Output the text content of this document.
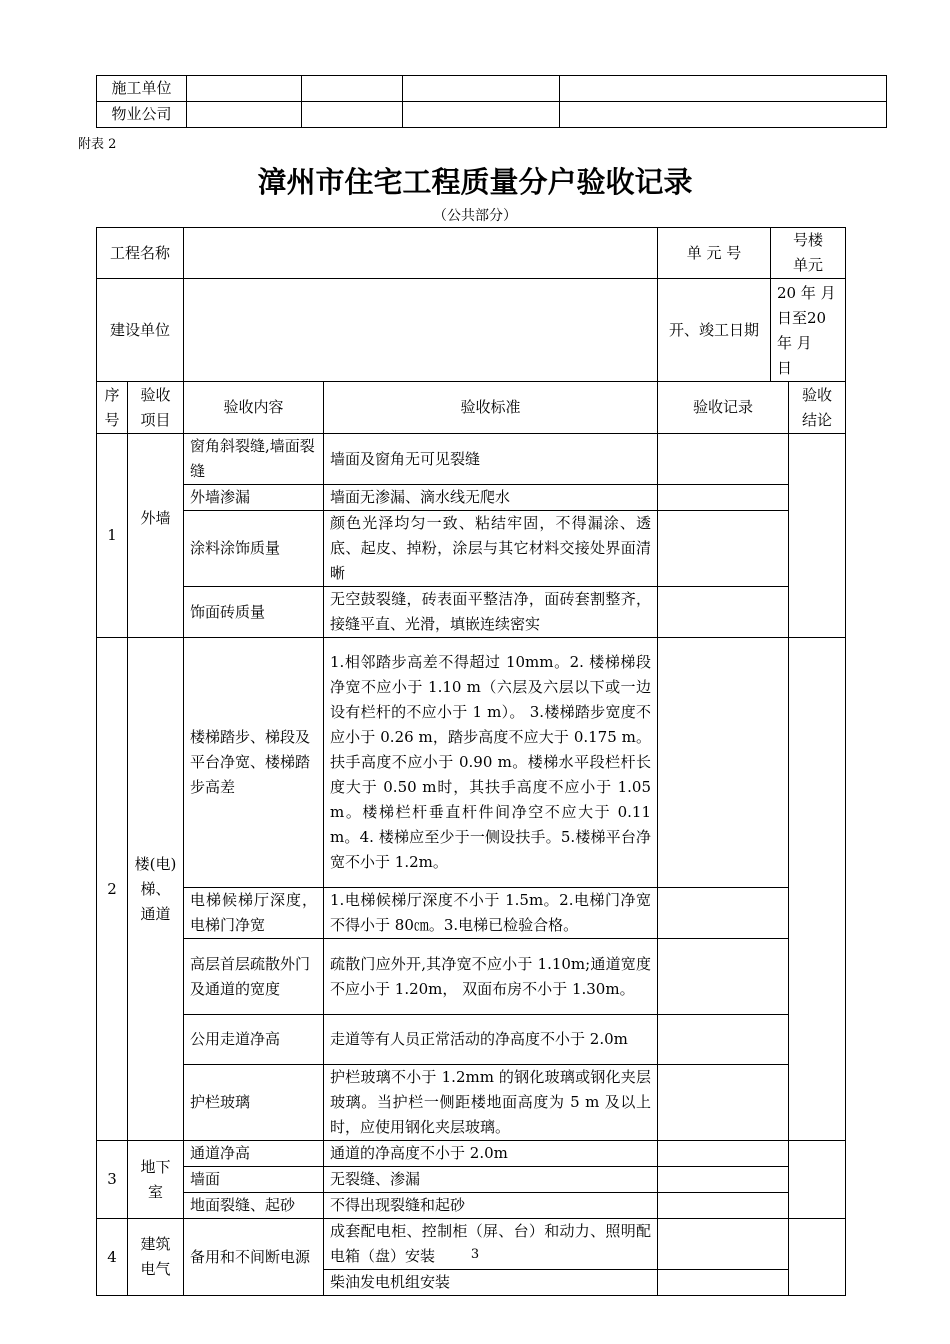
施工单位				
物业公司				
附表 2
漳州市住宅工程质量分户验收记录
（公共部分）
工程名称			单 元 号	号楼　　　单元

建设单位			开、竣工日期	20 年 月　日至20　年 月　日

序号	验收项目	验收内容	验收标准	验收记录	验收结论
1	外墙	窗角斜裂缝,墙面裂缝	墙面及窗角无可见裂缝		
外墙渗漏	墙面无渗漏、滴水线无爬水	
涂料涂饰质量	颜色光泽均匀一致、粘结牢固，不得漏涂、透底、起皮、掉粉，涂层与其它材料交接处界面清晰	
饰面砖质量	无空鼓裂缝，砖表面平整洁净，面砖套割整齐，接缝平直、光滑，填嵌连续密实	
2	楼(电)梯、通道	楼梯踏步、梯段及平台净宽、楼梯踏步高差	1.相邻踏步高差不得超过 10mm。2. 楼梯梯段净宽不应小于 1.10 m（六层及六层以下或一边设有栏杆的不应小于 1 m）。 3.楼梯踏步宽度不应小于 0.26 m，踏步高度不应大于 0.175 m。扶手高度不应小于 0.90 m。楼梯水平段栏杆长度大于 0.50 m时，其扶手高度不应小于 1.05 m。楼梯栏杆垂直杆件间净空不应大于 0.11 m。4. 楼梯应至少于一侧设扶手。5.楼梯平台净宽不小于 1.2m。		
电梯候梯厅深度，电梯门净宽	1.电梯候梯厅深度不小于 1.5m。2.电梯门净宽不得小于 80㎝。3.电梯已检验合格。	
高层首层疏散外门及通道的宽度	疏散门应外开,其净宽不应小于 1.10m;通道宽度不应小于 1.20m， 双面布房不小于 1.30m。	
公用走道净高	走道等有人员正常活动的净高度不小于 2.0m	
护栏玻璃	护栏玻璃不小于 1.2mm 的钢化玻璃或钢化夹层玻璃。当护栏一侧距楼地面高度为 5 m 及以上时，应使用钢化夹层玻璃。	
3	地下室	通道净高	通道的净高度不小于 2.0m		
墙面	无裂缝、渗漏	
地面裂缝、起砂	不得出现裂缝和起砂	
4	建筑电气	备用和不间断电源	成套配电柜、控制柜（屏、台）和动力、照明配电箱（盘）安装		
柴油发电机组安装	
3
